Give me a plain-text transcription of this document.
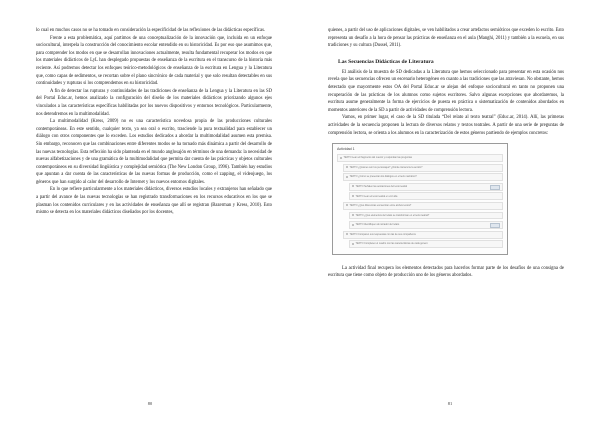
lo cual en muchos casos no se ha tomado en consideración la especificidad de las reflexiones de las didácticas específicas.

Frente a esta problemática, aquí partimos de una conceptualización de la innovación que, incluida en un enfoque sociocultural, interpela la construcción del conocimiento escolar entendido en su historicidad. Es por eso que asumimos que, para comprender los modos en que se desarrollan innovaciones actualmente, resulta fundamental recuperar los modos en que los materiales didácticos de LyL han desplegado propuestas de enseñanza de la escritura en el transcurso de la historia más reciente. Así podremos detectar los enfoques teórico-metodológicos de enseñanza de la escritura en Lengua y la Literatura que, como capas de sedimentos, se recortan sobre el plano sincrónico de cada material y que solo resultan detectables en sus continuidades y rupturas si los comprendemos en su historicidad.

A fin de detectar las rupturas y continuidades de las tradiciones de enseñanza de la Lengua y la Literatura en las SD del Portal Educ.ar, hemos analizado la configuración del diseño de los materiales didácticos priorizando algunos ejes vinculados a las características específicas habilitadas por los nuevos dispositivos y entornos tecnológicos. Particularmente, nos detendremos en la multimodalidad.

La multimodalidad (Kress, 2009) no es una característica novedosa propia de las producciones culturales contemporáneas. En este sentido, cualquier texto, ya sea oral o escrito, trasciende la pura textualidad para establecer un diálogo con otros componentes que lo exceden. Los estudios dedicados a abordar la multimodalidad asumen esta premisa. Sin embargo, reconocen que las combinaciones entre diferentes modos se ha tornado más dinámica a partir del desarrollo de las nuevas tecnologías. Esta reflexión ha sido planteada en el mundo anglosajón en términos de una demanda: la necesidad de nuevas alfabetizaciones y de una gramática de la multimodalidad que permita dar cuenta de las prácticas y objetos culturales contemporáneos en su diversidad lingüística y complejidad semiótica (The New London Group, 1996). También hay estudios que apuntan a dar cuenta de las características de las nuevas formas de producción, como el zapping, el videojuego, los géneros que han surgido al calor del desarrollo de Internet y los nuevos entornos digitales.

En lo que refiere particularmente a los materiales didácticos, diversos estudios locales y extranjeros han señalado que a partir del avance de las nuevas tecnologías se han registrado transformaciones en los recursos educativos en los que se plasman los contenidos curriculares y en las actividades de enseñanza que allí se registran (Bazerman y Kress, 2010). Esto mismo se detecta en los materiales didácticos diseñados por los docentes,

80

quienes, a partir del uso de aplicaciones digitales, se ven habilitados a crear artefactos semióticos que exceden lo escrito. Esto representa un desafío a la hora de pensar las prácticas de enseñanza en el aula (Manghi, 2011) y también a la escuela, en sus tradiciones y su cultura (Dussel, 2011).

Las Secuencias Didácticas de Literatura

El análisis de la muestra de SD dedicadas a la Literatura que hemos seleccionado para presentar en esta ocasión nos revela que las secuencias ofrecen un escenario heterogéneo en cuanto a las tradiciones que las atraviesan. No obstante, hemos detectado que mayormente estos OA del Portal Educ.ar se alejan del enfoque sociocultural en tanto no proponen una recuperación de las prácticas de los alumnos como sujetos escritores. Salvo algunas excepciones que abordaremos, la escritura asume generalmente la forma de ejercicios de puesta en práctica o sistematización de contenidos abordados en momentos anteriores de la SD a partir de actividades de comprensión lectora.

Vamos, en primer lugar, el caso de la SD titulada “Del relato al texto teatral” (Educ.ar, 2014). Allí, las primeras actividades de la secuencia proponen la lectura de diversos relatos y textos teatrales. A partir de una serie de preguntas de comprensión lectora, se orienta a los alumnos en la caracterización de estos géneros partiendo de ejemplos concretos:

Actividad 1
TEXTO Lean el fragmento del cuento y respondan las preguntas
TEXTO ¿Quiénes son los personajes? ¿Dónde transcurre la acción?
TEXTO ¿Cómo se presentan los diálogos en el texto narrativo?
TEXTO Señalen las acotaciones del texto teatral
TEXTO Lean el texto teatral en voz alta
TEXTO ¿Qué diferencias encuentran entre ambos textos?
TEXTO ¿Qué elementos del relato se transforman en el texto teatral?
TEXTO Identifiquen al narrador del relato
TEXTO Comparen sus respuestas con las de sus compañeros
TEXTO Completen el cuadro con las características de cada género

La actividad final recupera los elementos detectados para hacerlos formar parte de los desafíos de una consigna de escritura que tiene como objeto de producción uno de los géneros abordados.

81
